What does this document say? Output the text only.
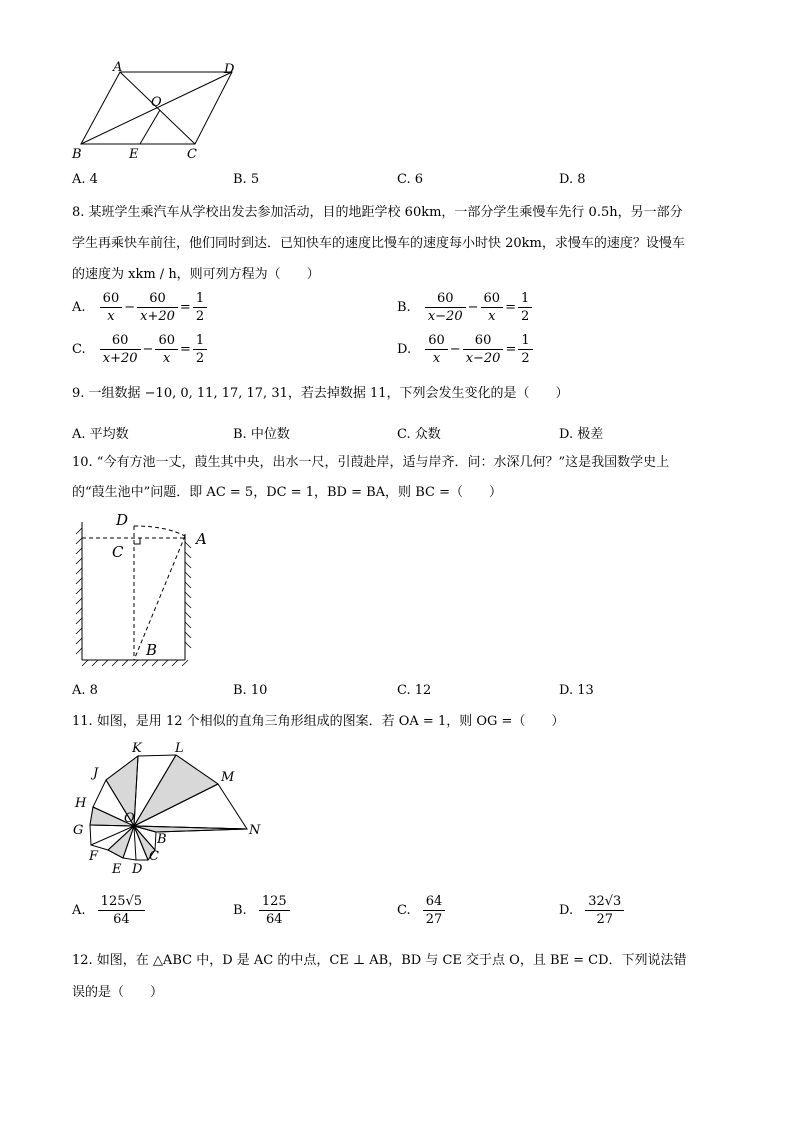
A	D
O
B	E	C
A. 4	B. 5	C. 6	D. 8
8. 某班学生乘汽车从学校出发去参加活动，目的地距学校 60km，一部分学生乘慢车先行 0.5h，另一部分
学生再乘快车前往，他们同时到达．已知快车的速度比慢车的速度每小时快 20km，求慢车的速度？设慢车
的速度为 xkm / h，则可列方程为（　　）
A. $\frac{60}{x} - \frac{60}{x+20} = \frac{1}{2}$	B. $\frac{60}{x-20} - \frac{60}{x} = \frac{1}{2}$
C. $\frac{60}{x+20} - \frac{60}{x} = \frac{1}{2}$	D. $\frac{60}{x} - \frac{60}{x-20} = \frac{1}{2}$
9. 一组数据 −10, 0, 11, 17, 17, 31，若去掉数据 11，下列会发生变化的是（　　）
A. 平均数	B. 中位数	C. 众数	D. 极差
10. “今有方池一丈，葭生其中央，出水一尺，引葭赴岸，适与岸齐．问：水深几何？”这是我国数学史上
的“葭生池中”问题．即 AC = 5，DC = 1，BD = BA，则 BC =（　　）
D
C
A
B
A. 8	B. 10	C. 12	D. 13
11. 如图，是用 12 个相似的直角三角形组成的图案．若 OA = 1，则 OG =（　　）
K	L
J	M
H
G
O
B
F	C
E D
N
A. $\frac{125√5}{64}$	B. $\frac{125}{64}$	C. $\frac{64}{27}$	D. $\frac{32√3}{27}$
12. 如图，在 △ABC 中，D 是 AC 的中点，CE ⊥ AB，BD 与 CE 交于点 O，且 BE = CD．下列说法错
误的是（　　）
